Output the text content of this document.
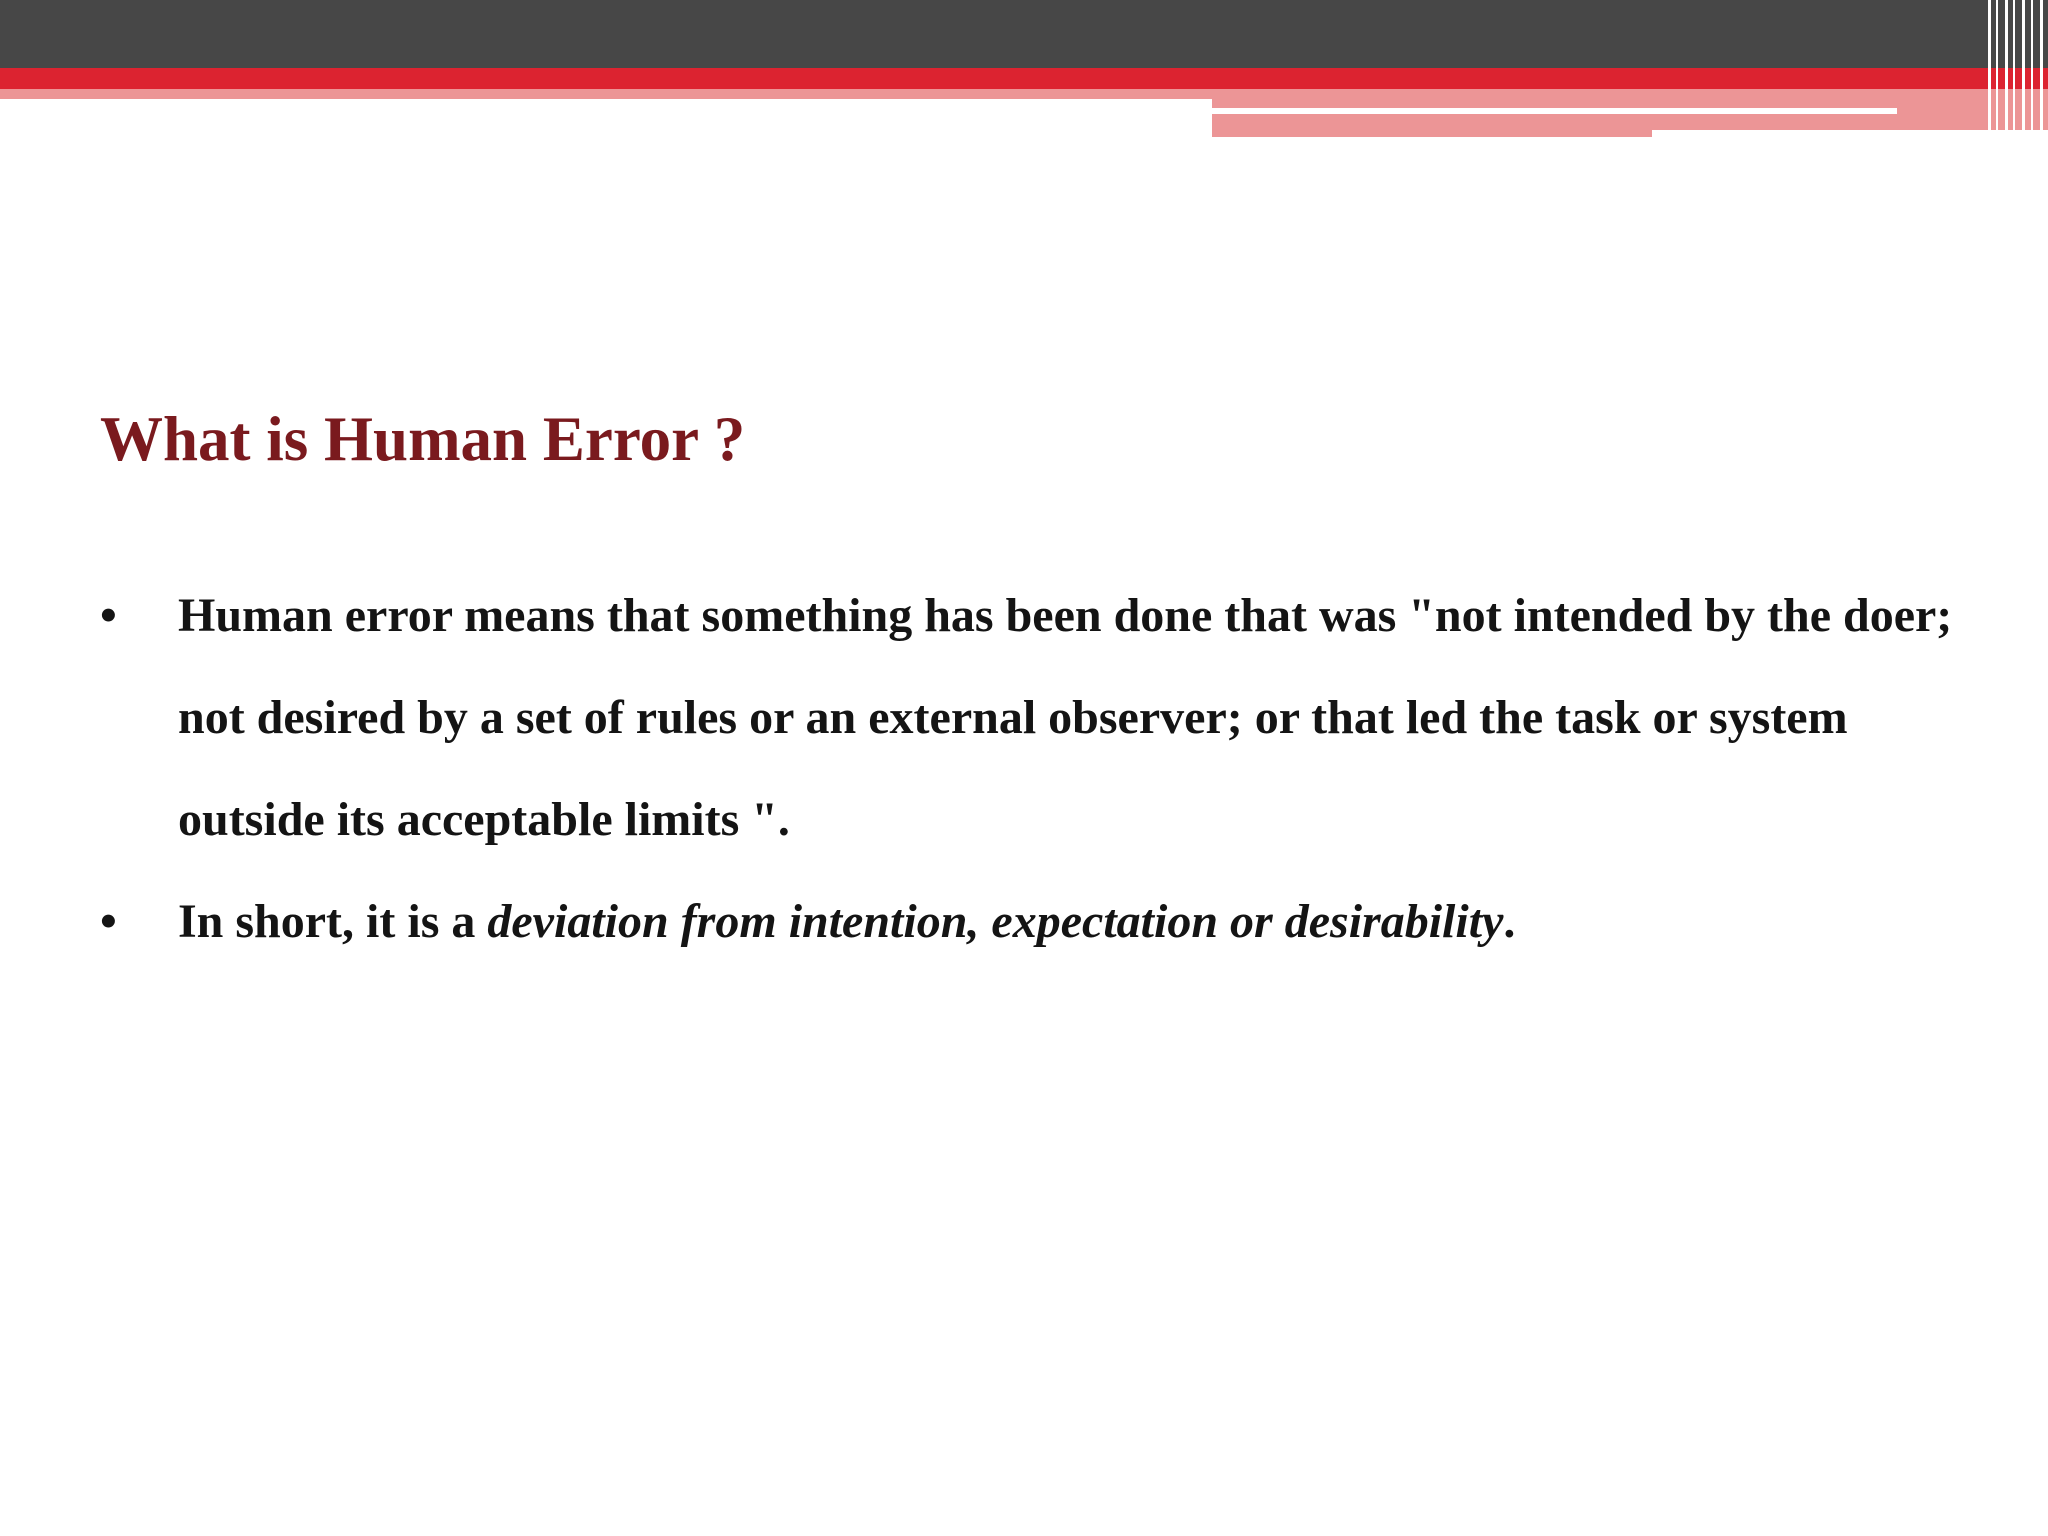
What is Human Error ?
• Human error means that something has been done that was "not intended by the doer; not desired by a set of rules or an external observer; or that led the task or system outside its acceptable limits ".
• In short, it is a deviation from intention, expectation or desirability.
